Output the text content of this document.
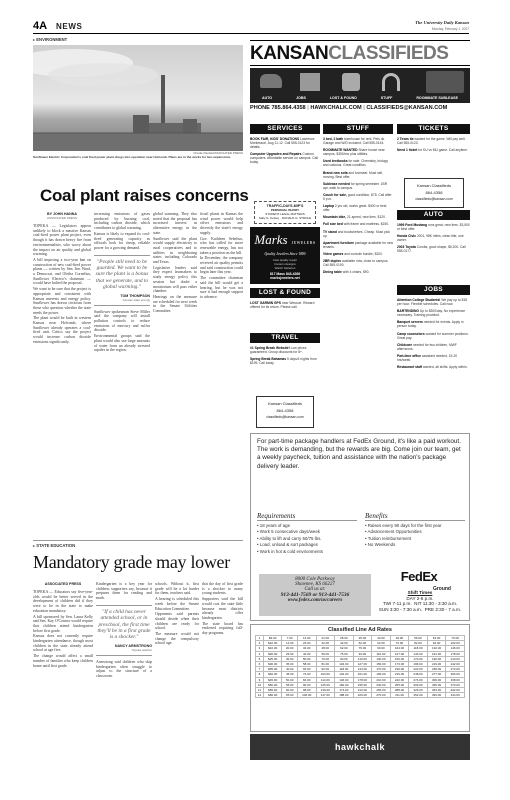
4A NEWS	The University Daily Kansan
Monday, February 1, 2007
▸ ENVIRONMENT
Charlie Riedel/ASSOCIATED PRESS
Sunflower Electric Corporation's coal fired power plant chugs into operation near Holcomb. Plans are in the works for two expansions.
Coal plant raises concerns
BY JOHN HANNA
ASSOCIATED PRESS

TOPEKA — Legislators appear unlikely to block a massive Kansas coal-fired power plant project, even though it has drawn heavy fire from environmentalists, who worry about the impact on air quality and global warming.

A bill imposing a two-year ban on construction of new coal-fired power plants — written by Sen. Jim Ward, a Democrat, and Oletha Cornelius, Sunflower Electric's chairman — would have halted the proposal.

We want to be sure that the project is appropriate and consistent with Kansas interests and energy policy. Sunflower has drawn criticism from those who question whether the state needs the power.

The plant would be built in western Kansas near Holcomb, where Sunflower already operates a coal-fired unit. Critics say the project would increase carbon dioxide emissions significantly.

increasing emissions of gases produced by burning coal, including carbon dioxide, which contributes to global warming.

Kansas is likely to expand its coal-fired generating capacity as officials look for cheap, reliable power for a growing demand.

"People still need to be guarded. We want to be sure the plant is a bonus that we generate, and to global warming."
TOM THOMPSON
Kansas state energy

Sunflower spokesman Steve Miller said the company will install pollution controls to reduce emissions of mercury and sulfur dioxide.

Environmental groups said the plant would also use large amounts of water from an already stressed aquifer in the region.

global warming. They also noted that the proposal has increased interest in alternative energy in the state.

Sunflower said the plant would supply electricity to rural cooperatives and to utilities in neighboring states including Colorado and Texas.

Legislative leaders said they expect lawmakers to study energy policy this session but doubt a moratorium will pass either chamber.

Hearings on the measure are scheduled for next week in the Senate Utilities Committee.

fossil plants in Kansas the wind power would help offset emissions and diversify the state's energy supply.

Gov. Kathleen Sebelius, who has called for more renewable energy, has not taken a position on the bill.

In December, the company received air quality permits and said construction could begin later this year.

The committee chairman said the bill would get a hearing, but he was not sure it had enough support to advance.

▸ STATE EDUCATION
Mandatory grade may lower
ASSOCIATED PRESS

TOPEKA — Educators say five-year-olds would be better served in the development of children did if they were to be in the state to make education mandatory.

A bill sponsored by Sen. Laura Kelly and Sen. Kay O'Connor would require that children attend kindergarten before first grade.

Kansas does not currently require kindergarten attendance, though most children in the state already attend school at age five.

The change would affect a small number of families who keep children home until first grade.

Kindergarten is a key year for children, supporters say, because it prepares them for reading and math.

"If a child has never attended school, or in preschool, the first time they'll be in a first grade is a shocker."
NANCY ARMSTRONG
Topeka teacher

Armstrong said children who skip kindergarten often struggle to adjust to the structure of a classroom.

schools. Without it, first grade will be a lot harder for them, teachers said.

A hearing is scheduled this week before the Senate Education Committee.

Opponents said parents should decide when their children are ready for school.

The measure would not change the compulsory school age.

that the day of first grade is a shocker to many young students.

Supporters said the bill would cost the state little because most districts already offer kindergarten.

The state board has endorsed requiring full-day programs.

KANSANCLASSIFIEDS
AUTO	JOBS	LOST & FOUND	STUFF	ROOMMATE SUBLEASE
PHONE 785.864.4358 | HAWKCHALK.COM | CLASSIFIEDS@KANSAN.COM
SERVICES
BOOK FAIR, KIDS' DONATIONS Lawrence Montessori, Aug 11-12. Call 555-0123 for details.
Computer Upgrades and Repairs Custom computers. Affordable service on campus. Call today.
TRAFFIC-DUI'S-MIP'S
PERSONAL INJURY
STUDENT LEGAL MATTERS
Sally G. Kelsey · DONALD G. STROLE
Marks JEWELERS
Quality Jewelers Since 1880
Fast quality repair
Custom designs
Watch batteries
817 Mass 843-4266
marksjewelers.net
LOST & FOUND
LOST GARMIN GPS near Wescoe. Reward offered for its return. Please call.
TRAVEL
#1 Spring Break Website! Low prices guaranteed. Group discounts for 8+.
Spring Break Bahamas 5 days/4 nights from $199. Call today.
Kansan Classifieds
864-4358
classifieds@kansan.com
STUFF
3 bed, 2 bath townhouse for rent. Pets ok. Garage and W/D included. Call 555-0144.
ROOMMATE WANTED Share house near campus. $350/mo plus utilities.
Used textbooks for sale. Chemistry, biology and calculus. Great condition.
Brand new sofa and loveseat. Must sell, moving. Best offer.
Sublease needed for spring semester. 1BR apt, walk to campus.
Couch for sale, good condition, $75. Call after 5 p.m.
Laptop 2 yrs old, works great. $400 or best offer.
Mountain bike, 21-speed, new tires. $120.
Full size bed with frame and mattress. $150.
TV stand and bookshelves. Cheap. Must pick up.
Apartment furniture package available for new tenants.
Video games and console bundle, $200.
2BR duplex available now, close to campus. Call 555-0190.
Dining table with 4 chairs, $90.
TICKETS
2 Texas tix wanted for the game. Will pay well. Call 555-0123.
Need 1 ticket for KU vs MU game. Call anytime.
Kansan Classifieds
864-4358
classifieds@kansan.com
AUTO
1999 Ford Mustang runs great, new tires. $3,500 or best offer.
Honda Civic 2001, 98K miles, clean title, one owner.
2003 Toyota Corolla, good shape, $5,200. Call 555-0177.
JOBS
Attention College Students! We pay up to $18 per hour. Flexible schedules. Call now.
BARTENDING Up to $300/day. No experience necessary. Training provided.
Banquet servers needed for events. Apply in person today.
Camp counselors wanted for summer positions. Great pay.
Childcare needed for two children, MWF afternoons.
Part-time office assistant needed, 15-20 hrs/week.
Restaurant staff wanted, all shifts. Apply within.
For part-time package handlers at FedEx Ground, it's like a paid workout. The work is demanding, but the rewards are big. Come join our team, get a weekly paycheck, tuition and assistance with the nation's package delivery leader.
Requirements
• 18 years of age
• Work 5 consecutive days/week
• Ability to lift and carry 50/75 lbs.
• Load, unload & sort packages
• Work in hot & cold environments
Benefits
• Raises every 90 days for the first year
• Advancement Opportunities
• Tuition reimbursement
• No Weekends
8000 Cole Parkway
Shawnee, KS 66227
Call us at:
913-441-7569 or 913-441-7536
www.fedex.com/us/careers
FedEx
Ground
Shift Times
DAY 2-6 p.m.
TWI 7-11 p.m. NIT 11:30 - 3:30 a.m.
SUN 3:30 - 7:30 a.m. PRE 2:30 - 7 a.m.
Classified Line Ad Rates
1	$6.00	7.00	14.00	21.00	28.00	35.00	42.00	49.00	56.00	63.00	70.00
2	$10.00	12.00	22.00	32.00	42.00	52.00	62.00	72.00	82.00	92.00	102.00
3	$16.00	20.00	34.00	48.00	62.00	76.00	90.00	104.00	118.00	132.00	146.00
4	$20.00	25.00	42.00	59.00	76.00	93.00	110.00	127.00	144.00	161.00	178.00
5	$25.00	30.00	50.00	70.00	90.00	110.00	130.00	150.00	170.00	190.00	210.00
6	$30.00	35.00	58.00	81.00	104.00	127.00	150.00	173.00	196.00	219.00	242.00
7	$35.00	40.00	66.00	92.00	118.00	144.00	170.00	196.00	222.00	248.00	274.00
8	$40.00	45.00	74.00	103.00	132.00	161.00	190.00	219.00	248.00	277.00	306.00
9	$45.00	50.00	82.00	114.00	146.00	178.00	210.00	242.00	274.00	306.00	338.00
10	$50.00	55.00	90.00	125.00	160.00	195.00	230.00	265.00	300.00	335.00	370.00
11	$55.00	60.00	98.00	136.00	174.00	212.00	250.00	288.00	326.00	364.00	402.00
12	$60.00	65.00	106.00	147.00	188.00	229.00	270.00	311.00	352.00	393.00	434.00
hawkchalk
